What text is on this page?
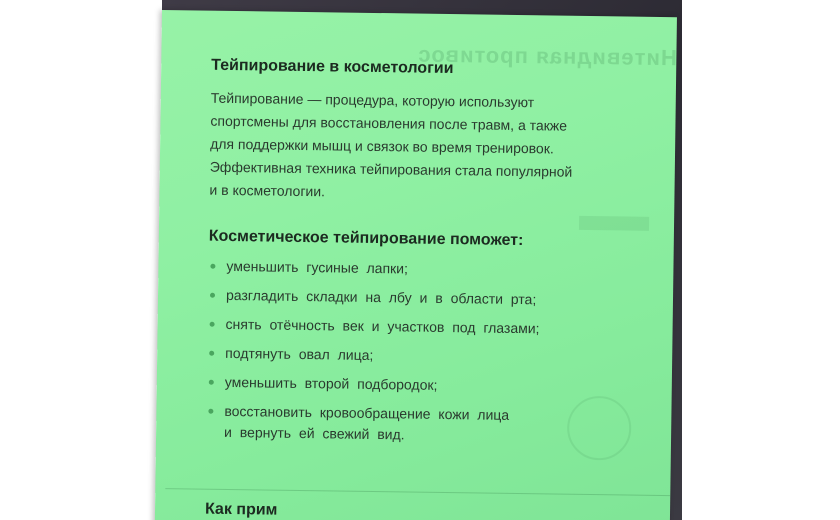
Нитевидная противос
Тейпирование в косметологии

Тейпирование — процедура, которую используют
спортсмены для восстановления после травм, а также
для поддержки мышц и связок во время тренировок.
Эффективная техника тейпирования стала популярной
и в косметологии.

Косметическое тейпирование поможет:
уменьшить гусиные лапки;
разгладить складки на лбу и в области рта;
снять отёчность век и участков под глазами;
подтянуть овал лица;
уменьшить второй подбородок;
восстановить кровообращение кожи лица
и вернуть ей свежий вид.
Как прим
